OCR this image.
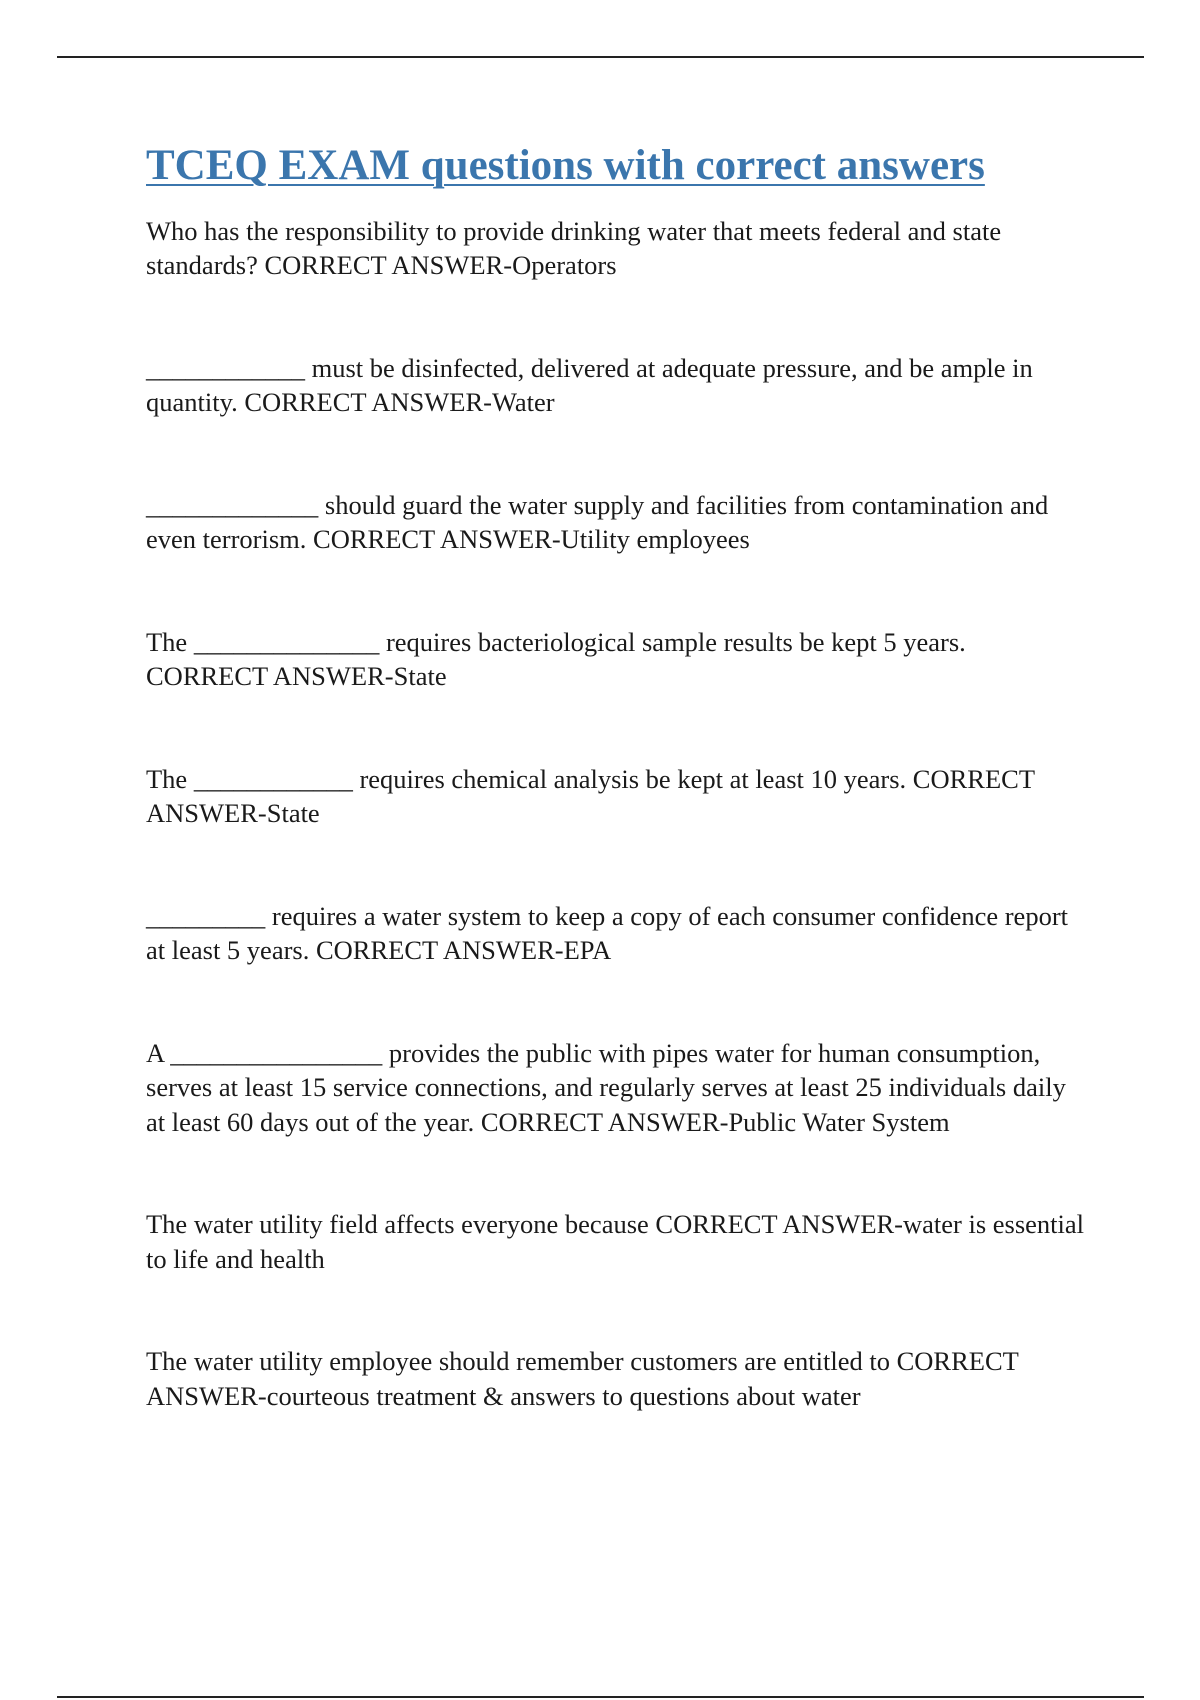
TCEQ EXAM questions with correct answers
Who has the responsibility to provide drinking water that meets federal and state standards? CORRECT ANSWER-Operators
____________ must be disinfected, delivered at adequate pressure, and be ample in quantity. CORRECT ANSWER-Water
_____________ should guard the water supply and facilities from contamination and even terrorism. CORRECT ANSWER-Utility employees
The ______________ requires bacteriological sample results be kept 5 years. CORRECT ANSWER-State
The ____________ requires chemical analysis be kept at least 10 years. CORRECT ANSWER-State
_________ requires a water system to keep a copy of each consumer confidence report at least 5 years. CORRECT ANSWER-EPA
A ________________ provides the public with pipes water for human consumption, serves at least 15 service connections, and regularly serves at least 25 individuals daily at least 60 days out of the year. CORRECT ANSWER-Public Water System
The water utility field affects everyone because CORRECT ANSWER-water is essential to life and health
The water utility employee should remember customers are entitled to CORRECT ANSWER-courteous treatment & answers to questions about water
